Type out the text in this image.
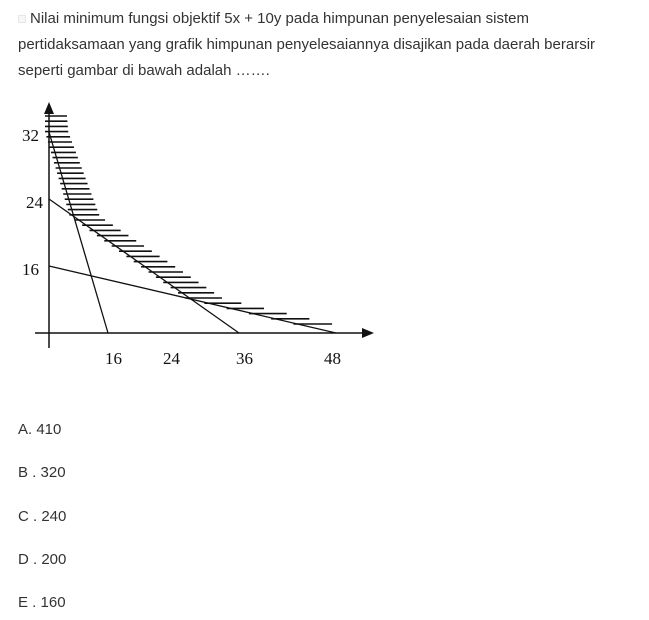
Nilai minimum fungsi objektif 5x + 10y pada himpunan penyelesaian sistem
pertidaksamaan yang grafik himpunan penyelesaiannya disajikan pada daerah berarsir
seperti gambar di bawah adalah …….
32
24
16
16 24	36	48
A. 410
B . 320
C . 240
D . 200
E . 160
